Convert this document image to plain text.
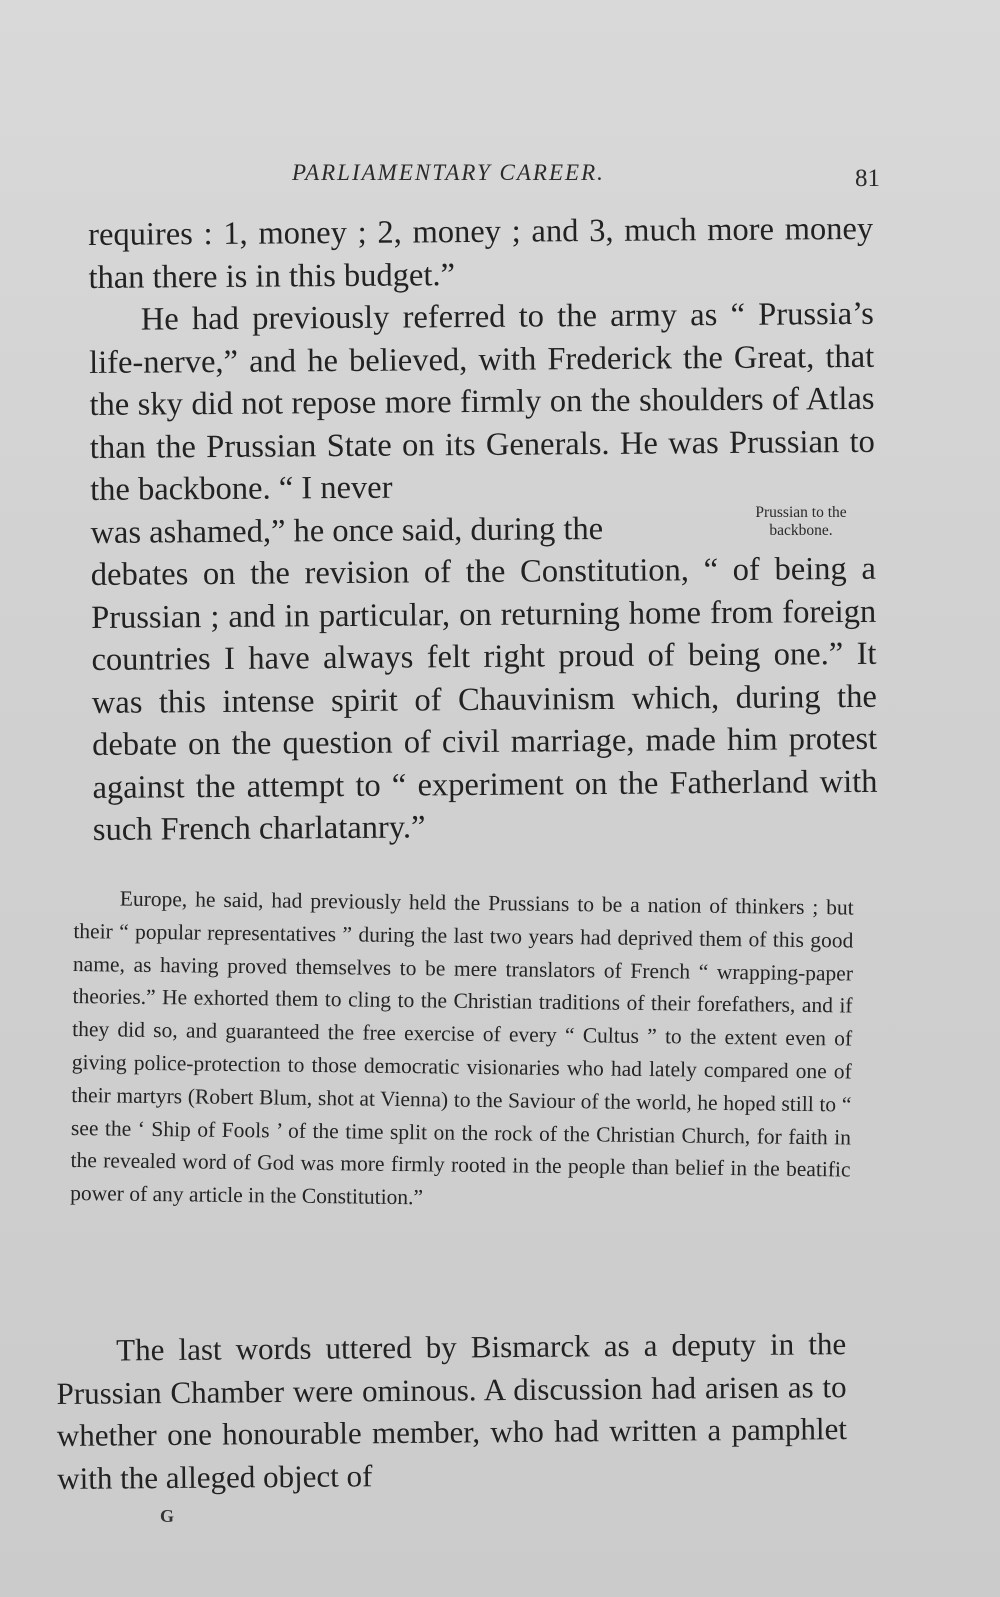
PARLIAMENTARY CAREER.	81

requires : 1, money ; 2, money ; and 3, much more money than there is in this budget.”

He had previously referred to the army as “ Prussia’s life-nerve,” and he believed, with Frederick the Great, that the sky did not repose more firmly on the shoulders of Atlas than the Prussian State on its Generals. He was Prussian to the backbone. “ I never
was ashamed,” he once said, during the
debates on the revision of the Constitution, “ of being a Prussian ; and in particular, on returning home from foreign countries I have always felt right proud of being one.” It was this intense spirit of Chauvinism which, during the debate on the question of civil marriage, made him protest against the attempt to “ experiment on the Fatherland with such French charlatanry.”

Prussian to the
backbone.

Europe, he said, had previously held the Prussians to be a nation of thinkers ; but their “ popular representatives ” during the last two years had deprived them of this good name, as having proved themselves to be mere translators of French “ wrapping-paper theories.” He exhorted them to cling to the Christian traditions of their forefathers, and if they did so, and guaranteed the free exercise of every “ Cultus ” to the extent even of giving police-protection to those democratic visionaries who had lately compared one of their martyrs (Robert Blum, shot at Vienna) to the Saviour of the world, he hoped still to “ see the ‘ Ship of Fools ’ of the time split on the rock of the Christian Church, for faith in the revealed word of God was more firmly rooted in the people than belief in the beatific power of any article in the Constitution.”

The last words uttered by Bismarck as a deputy in the Prussian Chamber were ominous. A discussion had arisen as to whether one honourable member, who had written a pamphlet with the alleged object of

G
